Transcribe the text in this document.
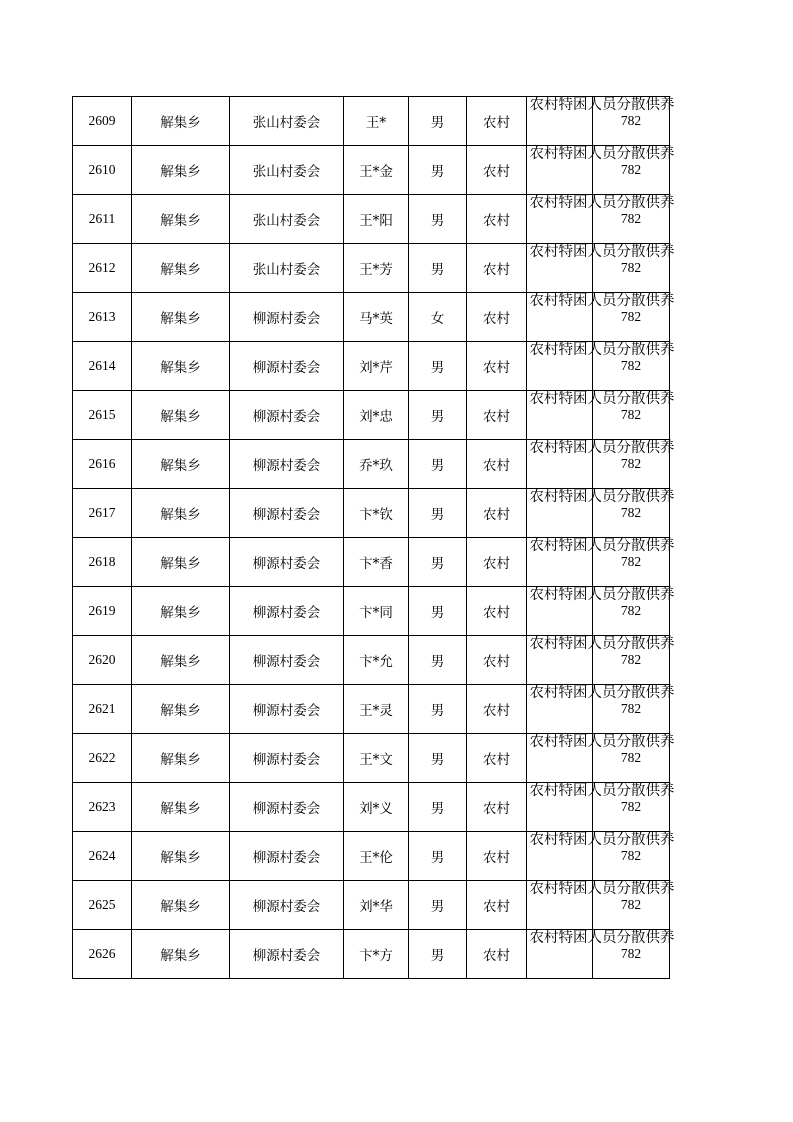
2609	解集乡	张山村委会	王*	男	农村	农村特困人员分散供养	782
2610	解集乡	张山村委会	王*金	男	农村	农村特困人员分散供养	782
2611	解集乡	张山村委会	王*阳	男	农村	农村特困人员分散供养	782
2612	解集乡	张山村委会	王*芳	男	农村	农村特困人员分散供养	782
2613	解集乡	柳源村委会	马*英	女	农村	农村特困人员分散供养	782
2614	解集乡	柳源村委会	刘*芹	男	农村	农村特困人员分散供养	782
2615	解集乡	柳源村委会	刘*忠	男	农村	农村特困人员分散供养	782
2616	解集乡	柳源村委会	乔*玖	男	农村	农村特困人员分散供养	782
2617	解集乡	柳源村委会	卞*钦	男	农村	农村特困人员分散供养	782
2618	解集乡	柳源村委会	卞*香	男	农村	农村特困人员分散供养	782
2619	解集乡	柳源村委会	卞*同	男	农村	农村特困人员分散供养	782
2620	解集乡	柳源村委会	卞*允	男	农村	农村特困人员分散供养	782
2621	解集乡	柳源村委会	王*灵	男	农村	农村特困人员分散供养	782
2622	解集乡	柳源村委会	王*文	男	农村	农村特困人员分散供养	782
2623	解集乡	柳源村委会	刘*义	男	农村	农村特困人员分散供养	782
2624	解集乡	柳源村委会	王*伦	男	农村	农村特困人员分散供养	782
2625	解集乡	柳源村委会	刘*华	男	农村	农村特困人员分散供养	782
2626	解集乡	柳源村委会	卞*方	男	农村	农村特困人员分散供养	782
